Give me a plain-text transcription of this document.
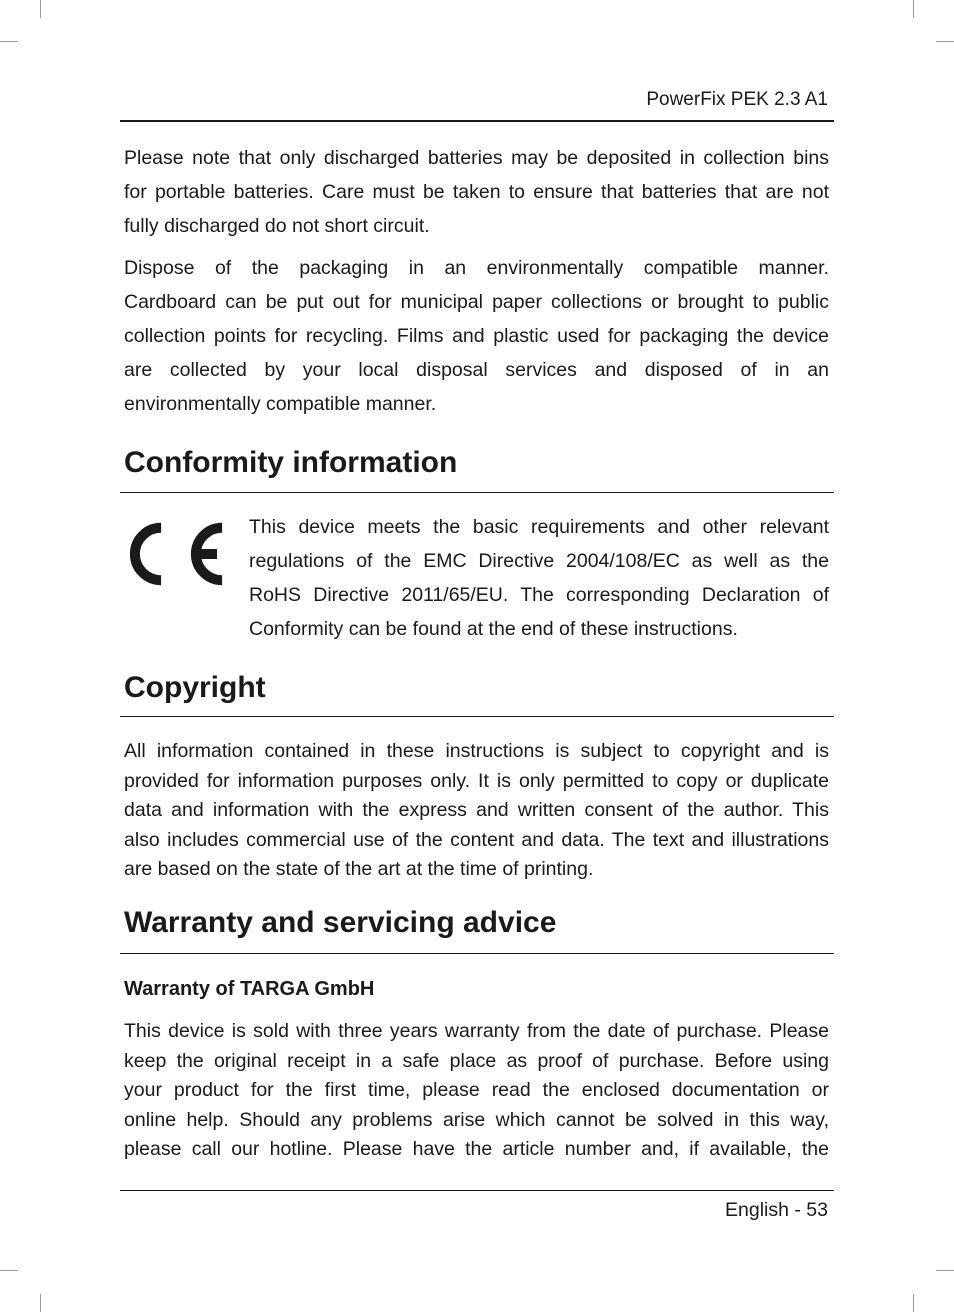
PowerFix PEK 2.3 A1
Please note that only discharged batteries may be deposited in collection bins
for portable batteries. Care must be taken to ensure that batteries that are not
fully discharged do not short circuit.
Dispose of the packaging in an environmentally compatible manner.
Cardboard can be put out for municipal paper collections or brought to public
collection points for recycling. Films and plastic used for packaging the device
are collected by your local disposal services and disposed of in an
environmentally compatible manner.
Conformity information
This device meets the basic requirements and other relevant
regulations of the EMC Directive 2004/108/EC as well as the
RoHS Directive 2011/65/EU. The corresponding Declaration of
Conformity can be found at the end of these instructions.
Copyright
All information contained in these instructions is subject to copyright and is
provided for information purposes only. It is only permitted to copy or duplicate
data and information with the express and written consent of the author. This
also includes commercial use of the content and data. The text and illustrations
are based on the state of the art at the time of printing.
Warranty and servicing advice
Warranty of TARGA GmbH
This device is sold with three years warranty from the date of purchase. Please
keep the original receipt in a safe place as proof of purchase. Before using
your product for the first time, please read the enclosed documentation or
online help. Should any problems arise which cannot be solved in this way,
please call our hotline. Please have the article number and, if available, the
English - 53
